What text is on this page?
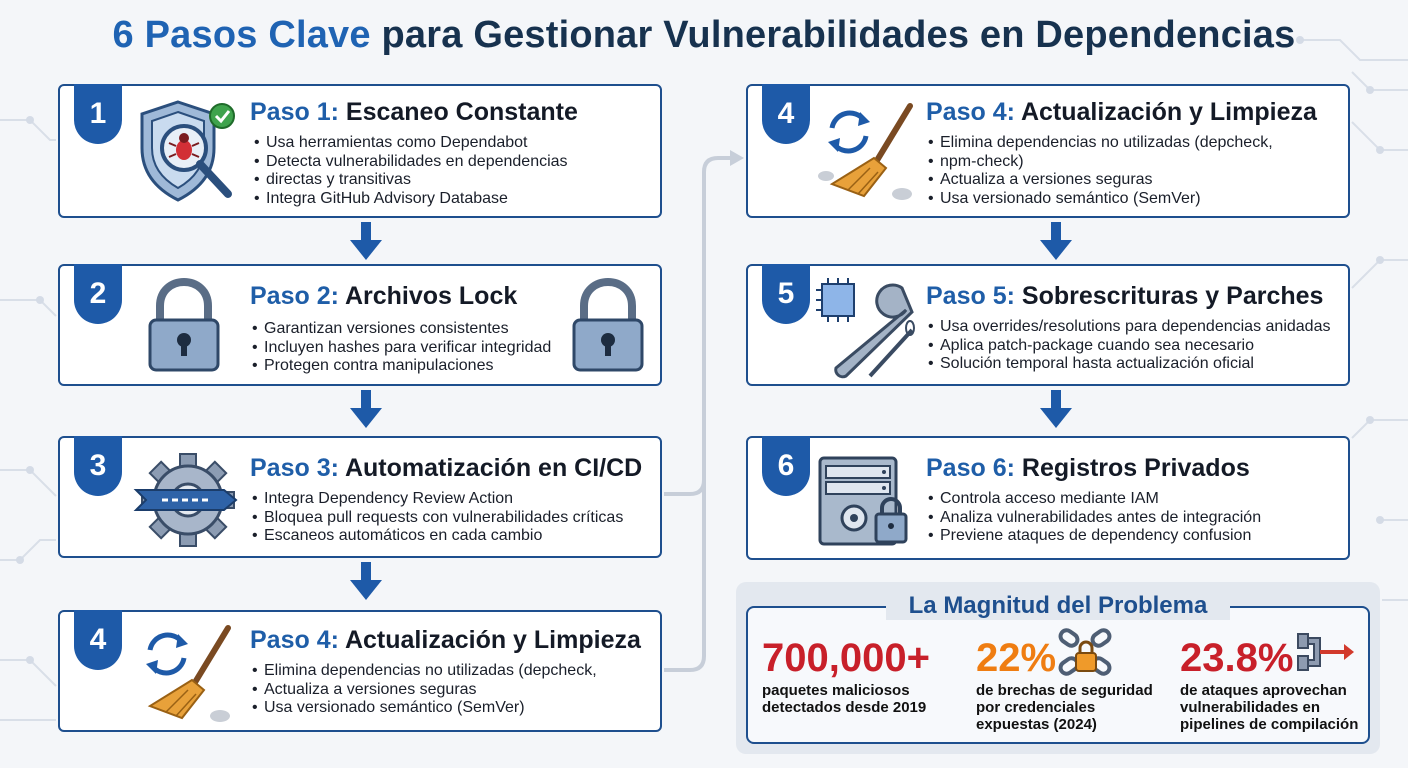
6 Pasos Clave para Gestionar Vulnerabilidades en Dependencias
1	Paso 1: Escaneo Constante
• Usa herramientas como Dependabot
• Detecta vulnerabilidades en dependencias
• directas y transitivas
• Integra GitHub Advisory Database
2	Paso 2: Archivos Lock
• Garantizan versiones consistentes
• Incluyen hashes para verificar integridad
• Protegen contra manipulaciones
3	Paso 3: Automatización en CI/CD
• Integra Dependency Review Action
• Bloquea pull requests con vulnerabilidades críticas
• Escaneos automáticos en cada cambio
4	Paso 4: Actualización y Limpieza
• Elimina dependencias no utilizadas (depcheck,
• Actualiza a versiones seguras
• Usa versionado semántico (SemVer)
4	Paso 4: Actualización y Limpieza
• Elimina dependencias no utilizadas (depcheck,
• npm-check)
• Actualiza a versiones seguras
• Usa versionado semántico (SemVer)
5	Paso 5: Sobrescrituras y Parches
• Usa overrides/resolutions para dependencias anidadas
• Aplica patch-package cuando sea necesario
• Solución temporal hasta actualización oficial
6	Paso 6: Registros Privados
• Controla acceso mediante IAM
• Analiza vulnerabilidades antes de integración
• Previene ataques de dependency confusion
La Magnitud del Problema
700,000+
paquetes maliciosos
detectados desde 2019
22%
de brechas de seguridad
por credenciales
expuestas (2024)
23.8%
de ataques aprovechan
vulnerabilidades en
pipelines de compilación
